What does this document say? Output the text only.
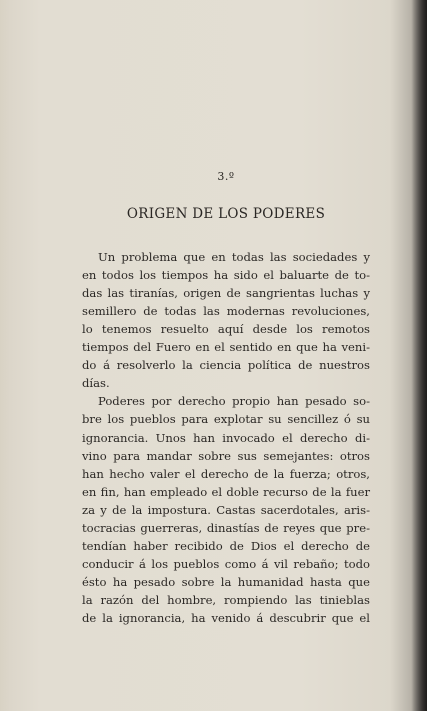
3.º
ORIGEN DE LOS PODERES
Un problema que en todas las sociedades y
en todos los tiempos ha sido el baluarte de to-
das las tiranías, origen de sangrientas luchas y
semillero de todas las modernas revoluciones,
lo tenemos resuelto aquí desde los remotos
tiempos del Fuero en el sentido en que ha veni-
do á resolverlo la ciencia política de nuestros
días.
Poderes por derecho propio han pesado so-
bre los pueblos para explotar su sencillez ó su
ignorancia. Unos han invocado el derecho di-
vino para mandar sobre sus semejantes: otros
han hecho valer el derecho de la fuerza; otros,
en fin, han empleado el doble recurso de la fuer
za y de la impostura. Castas sacerdotales, aris-
tocracias guerreras, dinastías de reyes que pre-
tendían haber recibido de Dios el derecho de
conducir á los pueblos como á vil rebaño; todo
ésto ha pesado sobre la humanidad hasta que
la razón del hombre, rompiendo las tinieblas
de la ignorancia, ha venido á descubrir que el
